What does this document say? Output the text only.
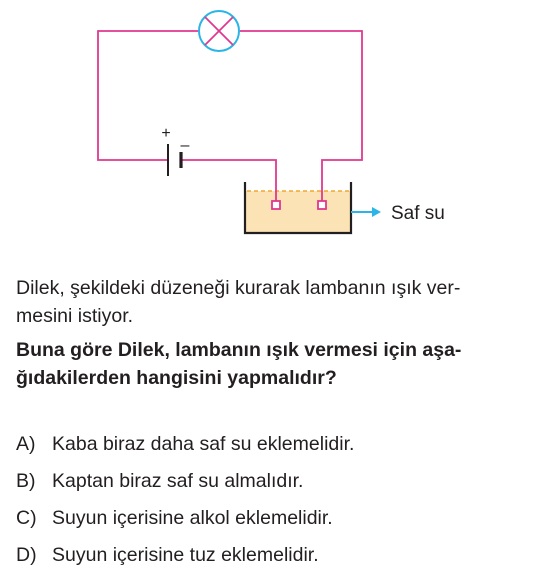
+
–
Saf su

Dilek, şekildeki düzeneği kurarak lambanın ışık ver-
mesini istiyor.

Buna göre Dilek, lambanın ışık vermesi için aşa-
ğıdakilerden hangisini yapmalıdır?

A) Kaba biraz daha saf su eklemelidir.
B) Kaptan biraz saf su almalıdır.
C) Suyun içerisine alkol eklemelidir.
D) Suyun içerisine tuz eklemelidir.
